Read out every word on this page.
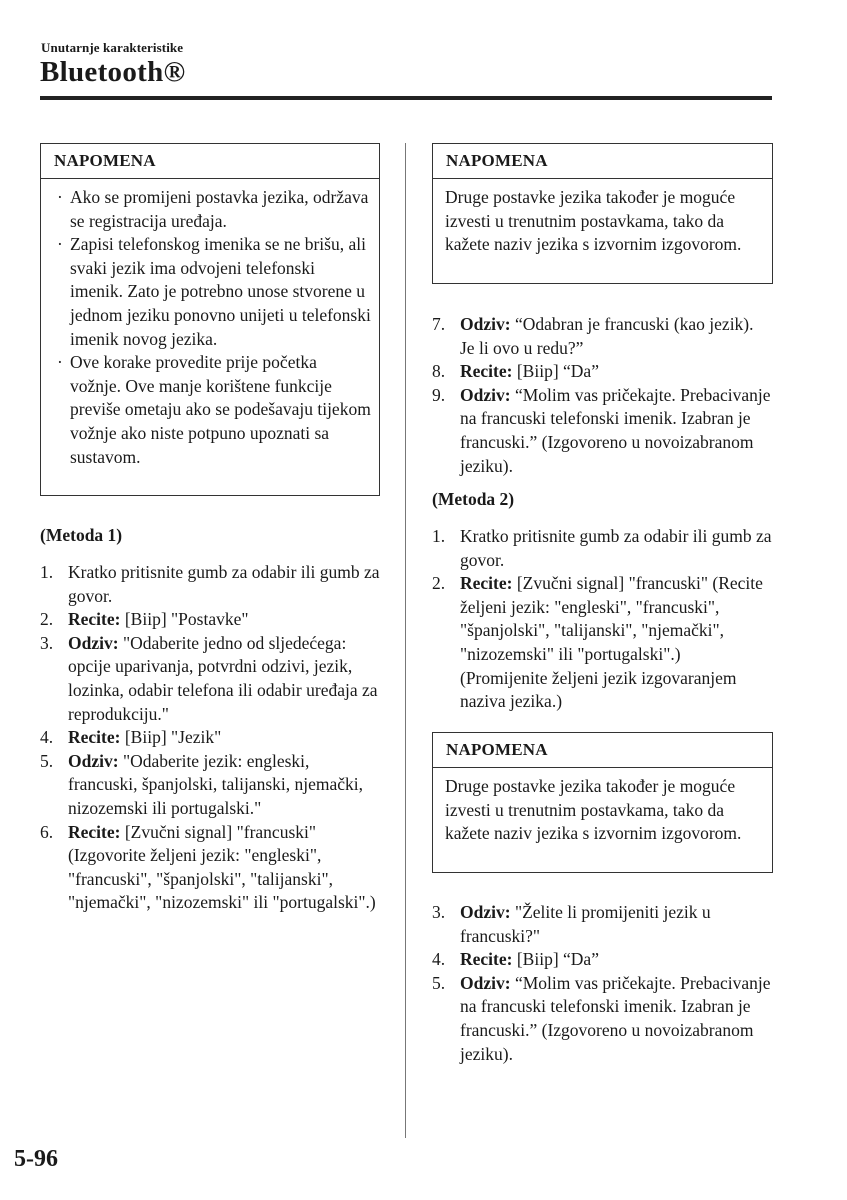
Unutarnje karakteristike
Bluetooth®
NAPOMENA
· Ako se promijeni postavka jezika, održava se registracija uređaja.
· Zapisi telefonskog imenika se ne brišu, ali svaki jezik ima odvojeni telefonski imenik. Zato je potrebno unose stvorene u jednom jeziku ponovno unijeti u telefonski imenik novog jezika.
· Ove korake provedite prije početka vožnje. Ove manje korištene funkcije previše ometaju ako se podešavaju tijekom vožnje ako niste potpuno upoznati sa sustavom.
(Metoda 1)
1. Kratko pritisnite gumb za odabir ili gumb za govor.
2. Recite: [Biip] "Postavke"
3. Odziv: "Odaberite jedno od sljedećega: opcije uparivanja, potvrdni odzivi, jezik, lozinka, odabir telefona ili odabir uređaja za reprodukciju."
4. Recite: [Biip] "Jezik"
5. Odziv: "Odaberite jezik: engleski, francuski, španjolski, talijanski, njemački, nizozemski ili portugalski."
6. Recite: [Zvučni signal] "francuski" (Izgovorite željeni jezik: "engleski", "francuski", "španjolski", "talijanski", "njemački", "nizozemski" ili "portugalski".)
NAPOMENA
Druge postavke jezika također je moguće izvesti u trenutnim postavkama, tako da kažete naziv jezika s izvornim izgovorom.
7. Odziv: “Odabran je francuski (kao jezik). Je li ovo u redu?”
8. Recite: [Biip] “Da”
9. Odziv: “Molim vas pričekajte. Prebacivanje na francuski telefonski imenik. Izabran je francuski.” (Izgovoreno u novoizabranom jeziku).
(Metoda 2)
1. Kratko pritisnite gumb za odabir ili gumb za govor.
2. Recite: [Zvučni signal] "francuski" (Recite željeni jezik: "engleski", "francuski", "španjolski", "talijanski", "njemački", "nizozemski" ili "portugalski".) (Promijenite željeni jezik izgovaranjem naziva jezika.)
NAPOMENA
Druge postavke jezika također je moguće izvesti u trenutnim postavkama, tako da kažete naziv jezika s izvornim izgovorom.
3. Odziv: "Želite li promijeniti jezik u francuski?"
4. Recite: [Biip] “Da”
5. Odziv: “Molim vas pričekajte. Prebacivanje na francuski telefonski imenik. Izabran je francuski.” (Izgovoreno u novoizabranom jeziku).
5-96
